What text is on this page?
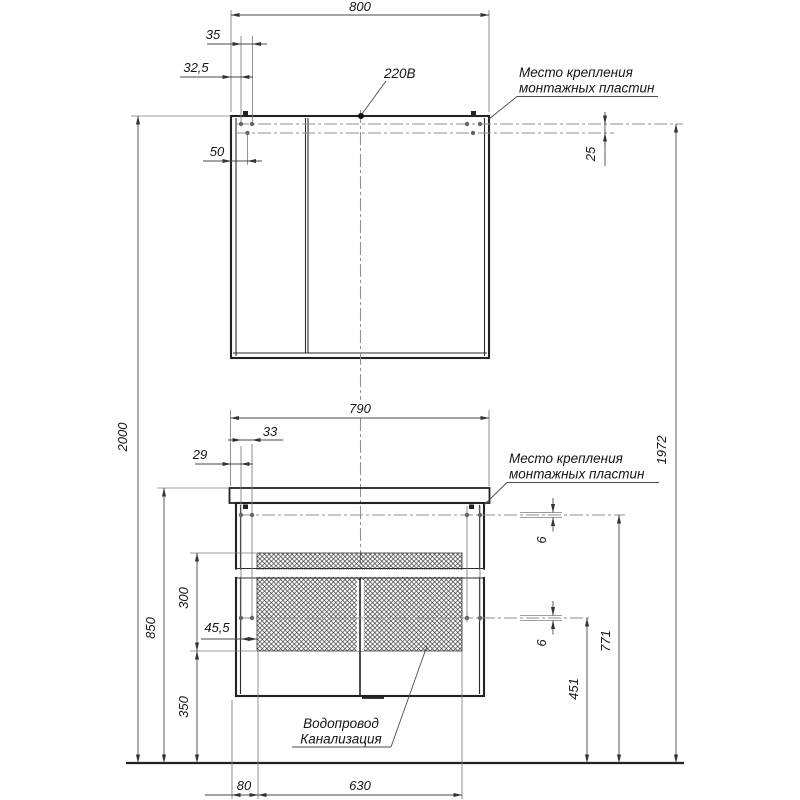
800
35
32,5
50	25
1972
2000
790
33
29
850
300
350
45,5
6
6	771
451
80	630
220В	Место крепления
монтажных пластин
Место крепления
монтажных пластин
Водопровод
Канализация
